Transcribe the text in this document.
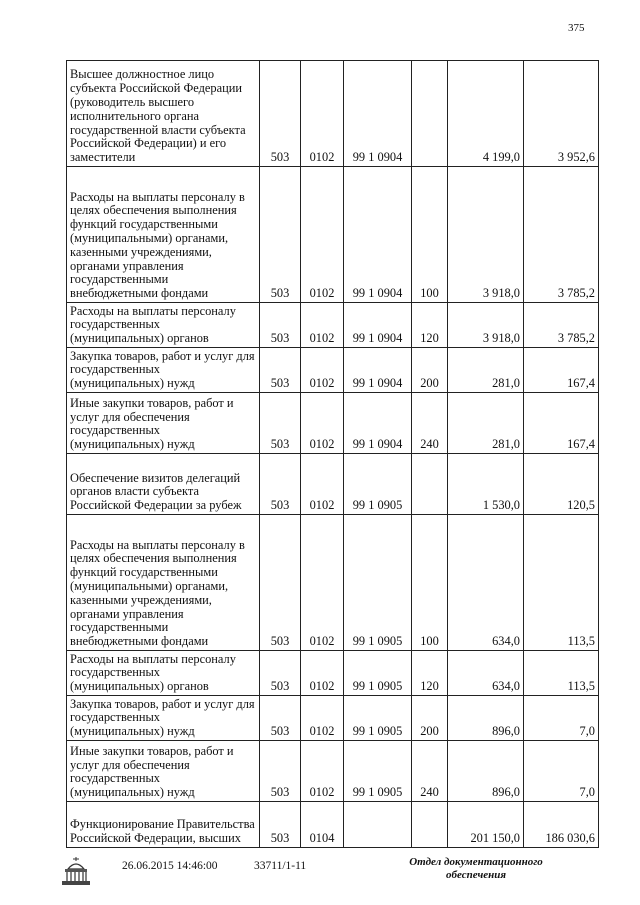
375
Высшее должностное лицо субъекта Российской Федерации (руководитель высшего исполнительного органа государственной власти субъекта Российской Федерации) и его заместители	503	0102	99 1 0904		4 199,0	3 952,6
Расходы на выплаты персоналу в целях обеспечения выполнения функций государственными (муниципальными) органами, казенными учреждениями, органами управления государственными внебюджетными фондами	503	0102	99 1 0904	100	3 918,0	3 785,2
Расходы на выплаты персоналу государственных (муниципальных) органов	503	0102	99 1 0904	120	3 918,0	3 785,2
Закупка товаров, работ и услуг для государственных (муниципальных) нужд	503	0102	99 1 0904	200	281,0	167,4
Иные закупки товаров, работ и услуг для обеспечения государственных (муниципальных) нужд	503	0102	99 1 0904	240	281,0	167,4
Обеспечение визитов делегаций органов власти субъекта Российской Федерации за рубеж	503	0102	99 1 0905		1 530,0	120,5
Расходы на выплаты персоналу в целях обеспечения выполнения функций государственными (муниципальными) органами, казенными учреждениями, органами управления государственными внебюджетными фондами	503	0102	99 1 0905	100	634,0	113,5
Расходы на выплаты персоналу государственных (муниципальных) органов	503	0102	99 1 0905	120	634,0	113,5
Закупка товаров, работ и услуг для государственных (муниципальных) нужд	503	0102	99 1 0905	200	896,0	7,0
Иные закупки товаров, работ и услуг для обеспечения государственных (муниципальных) нужд	503	0102	99 1 0905	240	896,0	7,0
Функционирование Правительства Российской Федерации, высших	503	0104			201 150,0	186 030,6
26.06.2015 14:46:00	33711/1-11	Отдел документационного
обеспечения
